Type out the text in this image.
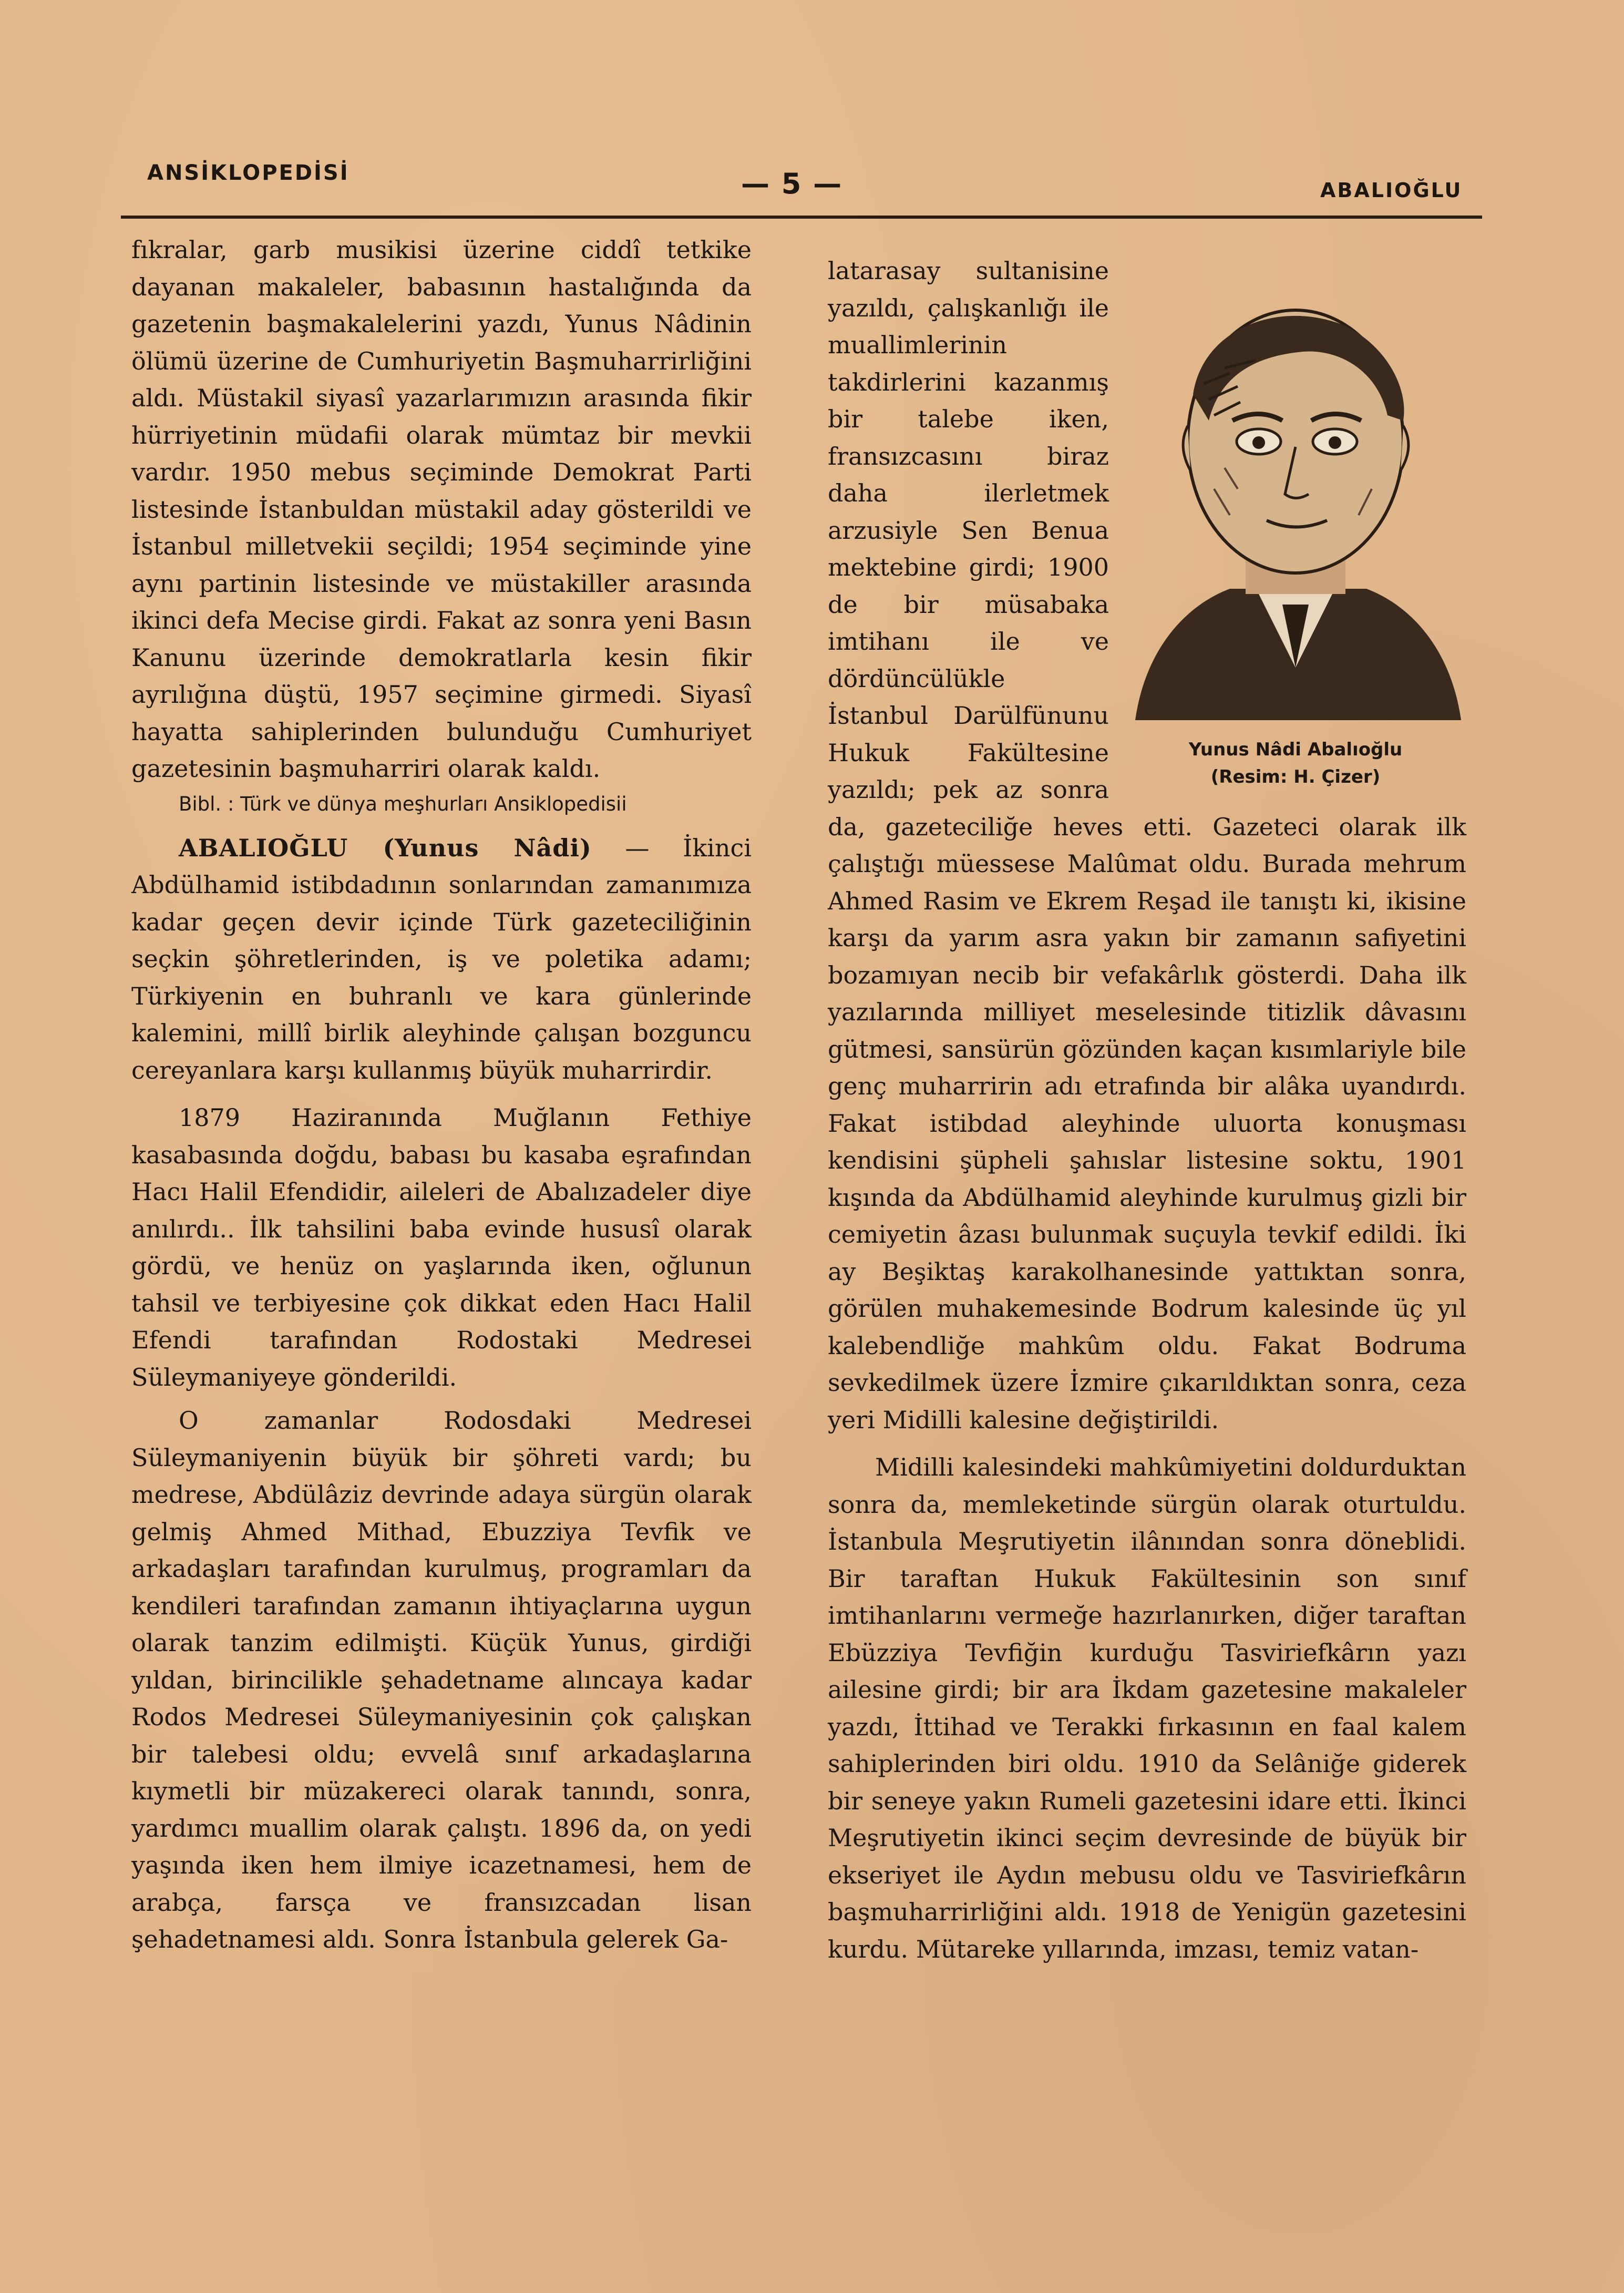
ANSİKLOPEDİSİ	— 5 —	ABALIOĞLU

fıkralar, garb musikisi üzerine ciddî tetkike dayanan makaleler, babasının hastalığında da gazetenin başmakalelerini yazdı, Yunus Nâdinin ölümü üzerine de Cumhuriyetin Başmuharrirliğini aldı. Müstakil siyasî yazarlarımızın arasında fikir hürriyetinin müdafii olarak mümtaz bir mevkii vardır. 1950 mebus seçiminde Demokrat Parti listesinde İstanbuldan müstakil aday gösterildi ve İstanbul milletvekii seçildi; 1954 seçiminde yine aynı partinin listesinde ve müstakiller arasında ikinci defa Mecise girdi. Fakat az sonra yeni Basın Kanunu üzerinde demokratlarla kesin fikir ayrılığına düştü, 1957 seçimine girmedi. Siyasî hayatta sahiplerinden bulunduğu Cumhuriyet gazetesinin başmuharriri olarak kaldı.

Bibl. : Türk ve dünya meşhurları Ansiklopedisii

ABALIOĞLU (Yunus Nâdi) — İkinci Abdülhamid istibdadının sonlarından zamanımıza kadar geçen devir içinde Türk gazeteciliğinin seçkin şöhretlerinden, iş ve poletika adamı; Türkiyenin en buhranlı ve kara günlerinde kalemini, millî birlik aleyhinde çalışan bozguncu cereyanlara karşı kullanmış büyük muharrirdir.

1879 Haziranında Muğlanın Fethiye kasabasında doğdu, babası bu kasaba eşrafından Hacı Halil Efendidir, aileleri de Abalızadeler diye anılırdı.. İlk tahsilini baba evinde hususî olarak gördü, ve henüz on yaşlarında iken, oğlunun tahsil ve terbiyesine çok dikkat eden Hacı Halil Efendi tarafından Rodostaki Medresei Süleymaniyeye gönderildi.

O zamanlar Rodosdaki Medresei Süleymaniyenin büyük bir şöhreti vardı; bu medrese, Abdülâziz devrinde adaya sürgün olarak gelmiş Ahmed Mithad, Ebuzziya Tevfik ve arkadaşları tarafından kurulmuş, programları da kendileri tarafından zamanın ihtiyaçlarına uygun olarak tanzim edilmişti. Küçük Yunus, girdiği yıldan, birincilikle şehadetname alıncaya kadar Rodos Medresei Süleymaniyesinin çok çalışkan bir talebesi oldu; evvelâ sınıf arkadaşlarına kıymetli bir müzakereci olarak tanındı, sonra, yardımcı muallim olarak çalıştı. 1896 da, on yedi yaşında iken hem ilmiye icazetnamesi, hem de arabça, farsça ve fransızcadan lisan şehadetnamesi aldı. Sonra İstanbula gelerek Ga-

Yunus Nâdi Abalıoğlu
(Resim: H. Çizer)

latarasay sultanisine yazıldı, çalışkanlığı ile muallimlerinin takdirlerini kazanmış bir talebe iken, fransızcasını biraz daha ilerletmek arzusiyle Sen Benua mektebine girdi; 1900 de bir müsabaka imtihanı ile ve dördüncülükle İstanbul Darülfünunu Hukuk Fakültesine yazıldı; pek az sonra da, gazeteciliğe heves etti. Gazeteci olarak ilk çalıştığı müessese Malûmat oldu. Burada mehrum Ahmed Rasim ve Ekrem Reşad ile tanıştı ki, ikisine karşı da yarım asra yakın bir zamanın safiyetini bozamıyan necib bir vefakârlık gösterdi. Daha ilk yazılarında milliyet meselesinde titizlik dâvasını gütmesi, sansürün gözünden kaçan kısımlariyle bile genç muharririn adı etrafında bir alâka uyandırdı. Fakat istibdad aleyhinde uluorta konuşması kendisini şüpheli şahıslar listesine soktu, 1901 kışında da Abdülhamid aleyhinde kurulmuş gizli bir cemiyetin âzası bulunmak suçuyla tevkif edildi. İki ay Beşiktaş karakolhanesinde yattıktan sonra, görülen muhakemesinde Bodrum kalesinde üç yıl kalebendliğe mahkûm oldu. Fakat Bodruma sevkedilmek üzere İzmire çıkarıldıktan sonra, ceza yeri Midilli kalesine değiştirildi.

Midilli kalesindeki mahkûmiyetini doldurduktan sonra da, memleketinde sürgün olarak oturtuldu. İstanbula Meşrutiyetin ilânından sonra döneblidi. Bir taraftan Hukuk Fakültesinin son sınıf imtihanlarını vermeğe hazırlanırken, diğer taraftan Ebüzziya Tevfiğin kurduğu Tasviriefkârın yazı ailesine girdi; bir ara İkdam gazetesine makaleler yazdı, İttihad ve Terakki fırkasının en faal kalem sahiplerinden biri oldu. 1910 da Selâniğe giderek bir seneye yakın Rumeli gazetesini idare etti. İkinci Meşrutiyetin ikinci seçim devresinde de büyük bir ekseriyet ile Aydın mebusu oldu ve Tasviriefkârın başmuharrirliğini aldı. 1918 de Yenigün gazetesini kurdu. Mütareke yıllarında, imzası, temiz vatan-
